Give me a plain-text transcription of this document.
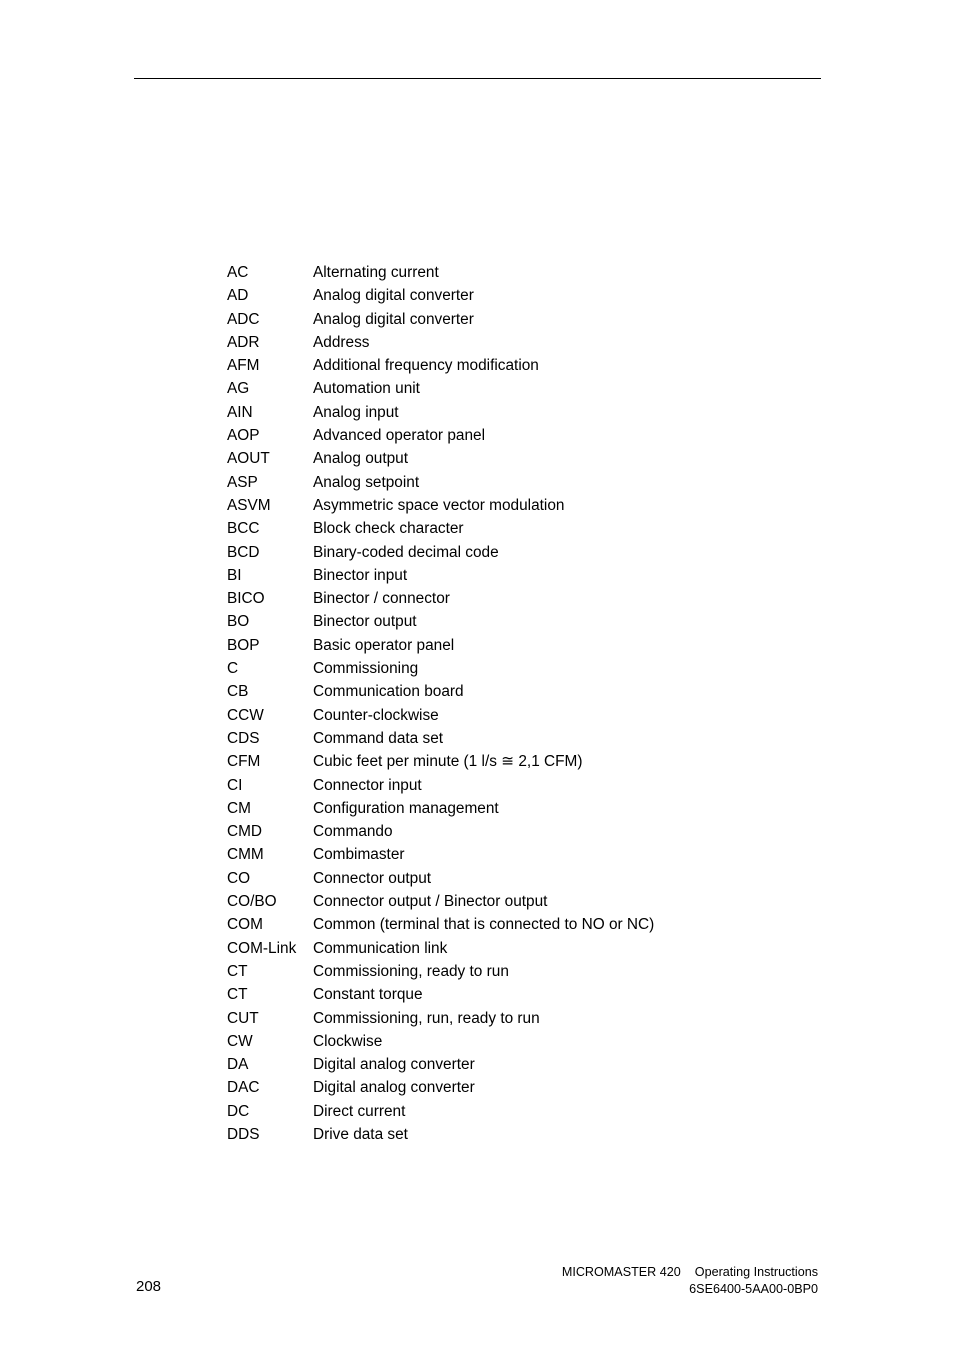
AC	Alternating current
AD	Analog digital converter
ADC	Analog digital converter
ADR	Address
AFM	Additional frequency modification
AG	Automation unit
AIN	Analog input
AOP	Advanced operator panel
AOUT	Analog output
ASP	Analog setpoint
ASVM	Asymmetric space vector modulation
BCC	Block check character
BCD	Binary-coded decimal code
BI	Binector input
BICO	Binector / connector
BO	Binector output
BOP	Basic operator panel
C	Commissioning
CB	Communication board
CCW	Counter-clockwise
CDS	Command data set
CFM	Cubic feet per minute (1 l/s ≅ 2,1 CFM)
CI	Connector input
CM	Configuration management
CMD	Commando
CMM	Combimaster
CO	Connector output
CO/BO	Connector output / Binector output
COM	Common (terminal that is connected to NO or NC)
COM-Link	Communication link
CT	Commissioning, ready to run
CT	Constant torque
CUT	Commissioning, run, ready to run
CW	Clockwise
DA	Digital analog converter
DAC	Digital analog converter
DC	Direct current
DDS	Drive data set
208
MICROMASTER 420 Operating Instructions
6SE6400-5AA00-0BP0
